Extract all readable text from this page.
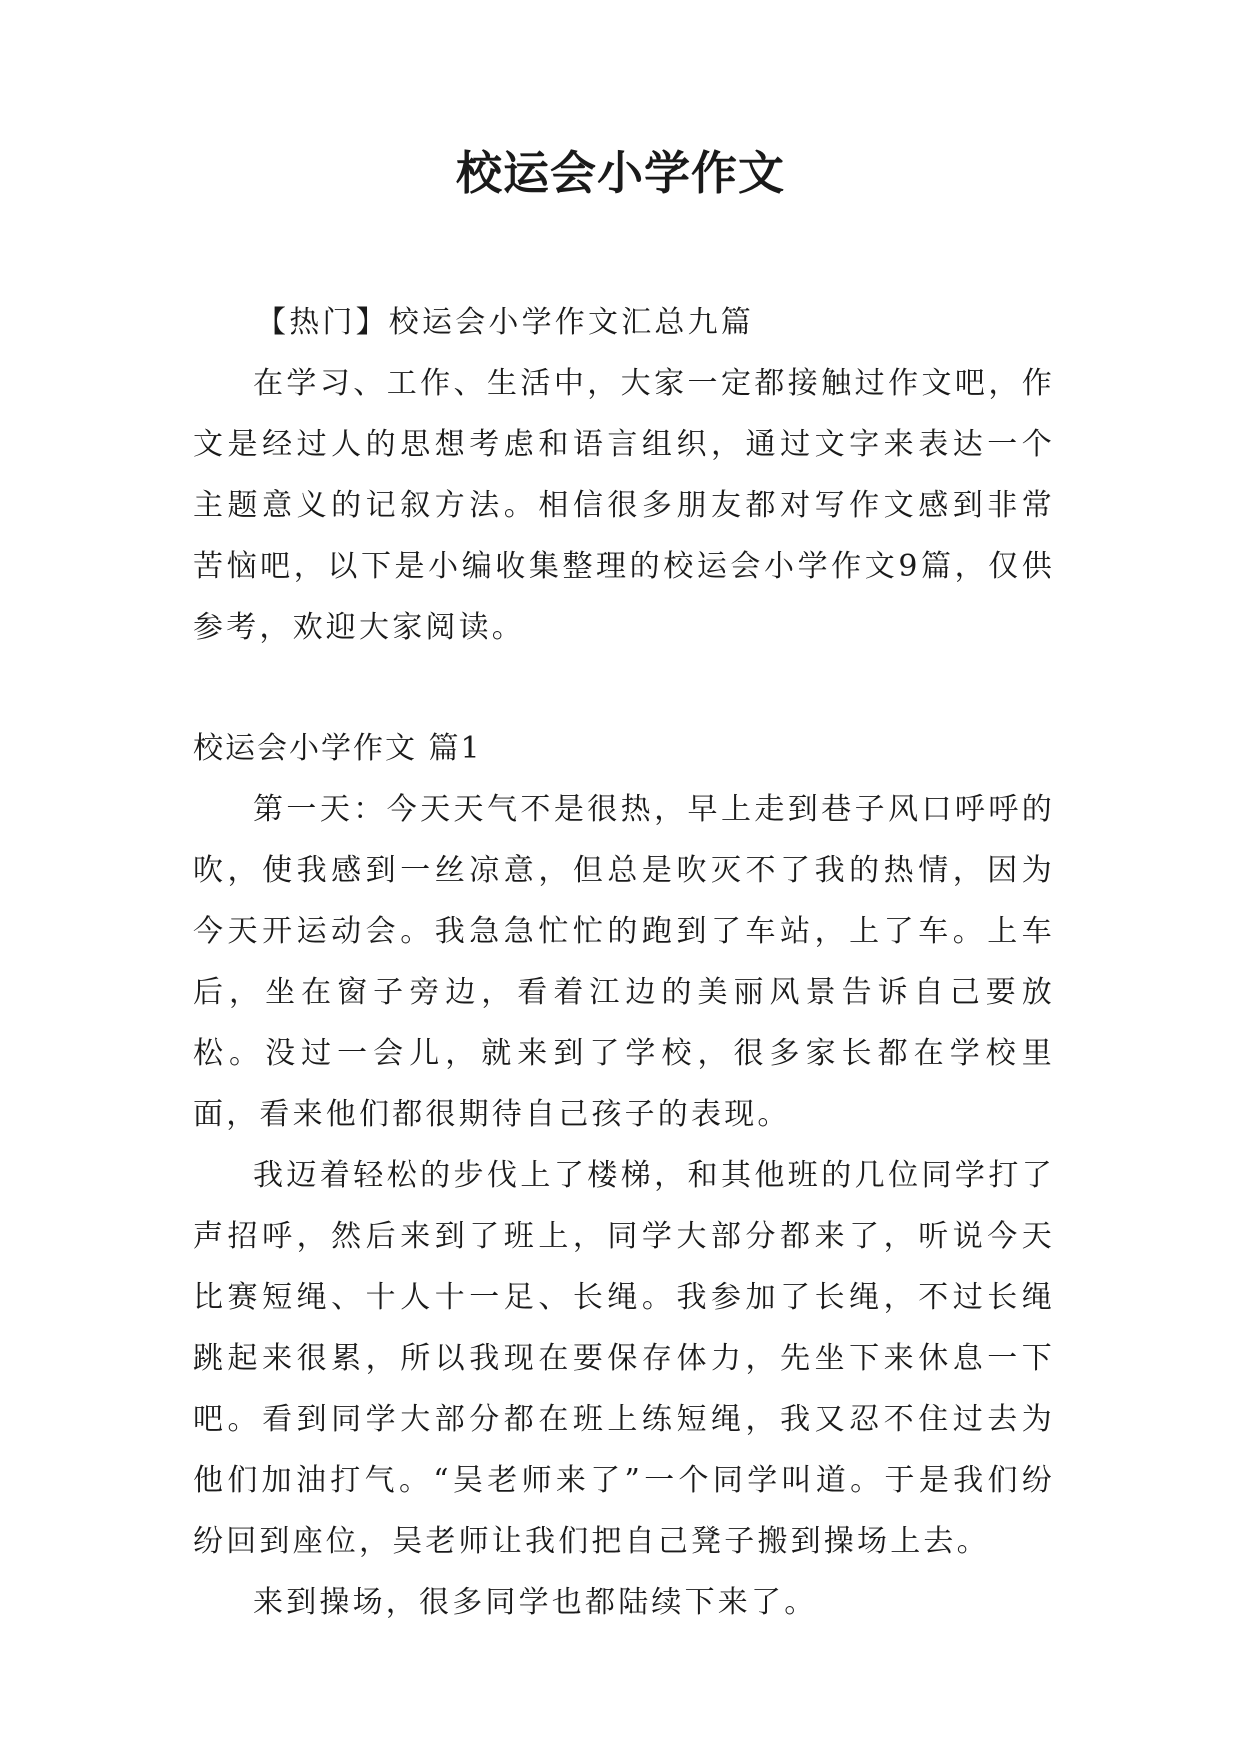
校运会小学作文

【热门】校运会小学作文汇总九篇

在学习、工作、生活中，大家一定都接触过作文吧，作文是经过人的思想考虑和语言组织，通过文字来表达一个主题意义的记叙方法。相信很多朋友都对写作文感到非常苦恼吧，以下是小编收集整理的校运会小学作文9篇，仅供参考，欢迎大家阅读。

校运会小学作文 篇1

第一天：今天天气不是很热，早上走到巷子风口呼呼的吹，使我感到一丝凉意，但总是吹灭不了我的热情，因为今天开运动会。我急急忙忙的跑到了车站，上了车。上车后，坐在窗子旁边，看着江边的美丽风景告诉自己要放松。没过一会儿，就来到了学校，很多家长都在学校里面，看来他们都很期待自己孩子的表现。

我迈着轻松的步伐上了楼梯，和其他班的几位同学打了声招呼，然后来到了班上，同学大部分都来了，听说今天比赛短绳、十人十一足、长绳。我参加了长绳，不过长绳跳起来很累，所以我现在要保存体力，先坐下来休息一下吧。看到同学大部分都在班上练短绳，我又忍不住过去为他们加油打气。“吴老师来了”一个同学叫道。于是我们纷纷回到座位，吴老师让我们把自己凳子搬到操场上去。

来到操场，很多同学也都陆续下来了。
